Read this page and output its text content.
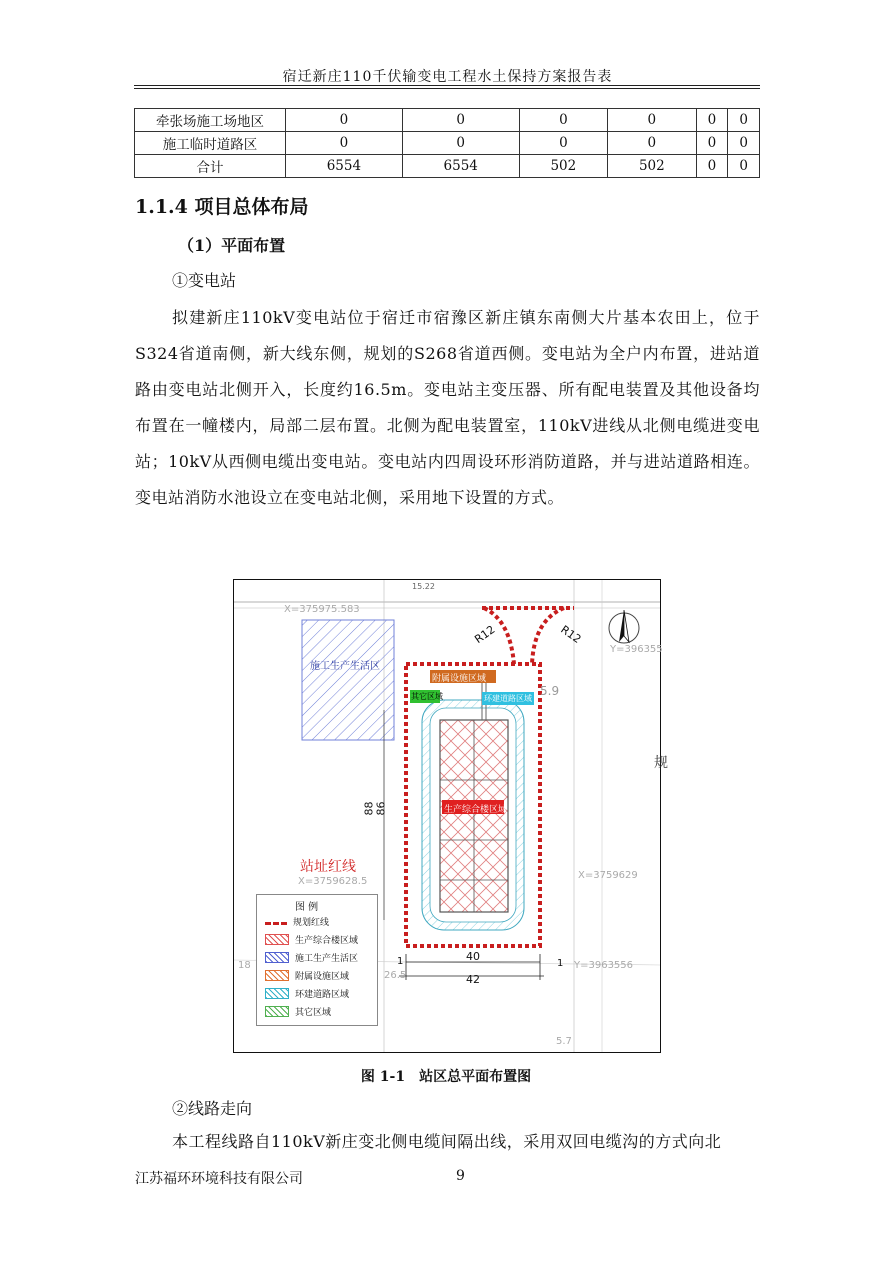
宿迁新庄110千伏输变电工程水土保持方案报告表
牵张场施工场地区	0	0	0	0	0	0
施工临时道路区	0	0	0	0	0	0
合计	6554	6554	502	502	0	0
1.1.4 项目总体布局
（1）平面布置
①变电站
拟建新庄110kV变电站位于宿迁市宿豫区新庄镇东南侧大片基本农田上，位于S324省道南侧，新大线东侧，规划的S268省道西侧。变电站为全户内布置，进站道路由变电站北侧开入，长度约16.5m。变电站主变压器、所有配电装置及其他设备均布置在一幢楼内，局部二层布置。北侧为配电装置室，110kV进线从北侧电缆进变电站；10kV从西侧电缆出变电站。变电站内四周设环形消防道路，并与进站道路相连。变电站消防水池设立在变电站北侧，采用地下设置的方式。
15.22
X=375975.583
R12	R12
Y=396355
施工生产生活区
附属设施区域
其它区域	环建道路区域
5.9
生产综合楼区域
规
88 86
站址红线
X=3759628.5
X=3759629
18	1	40
1 Y=3963556
26.5	42
5.7
图 例
规划红线
生产综合楼区域
施工生产生活区
附属设施区域
环建道路区域
其它区域
图 1-1　站区总平面布置图
②线路走向
本工程线路自110kV新庄变北侧电缆间隔出线，采用双回电缆沟的方式向北
江苏福环环境科技有限公司	9
